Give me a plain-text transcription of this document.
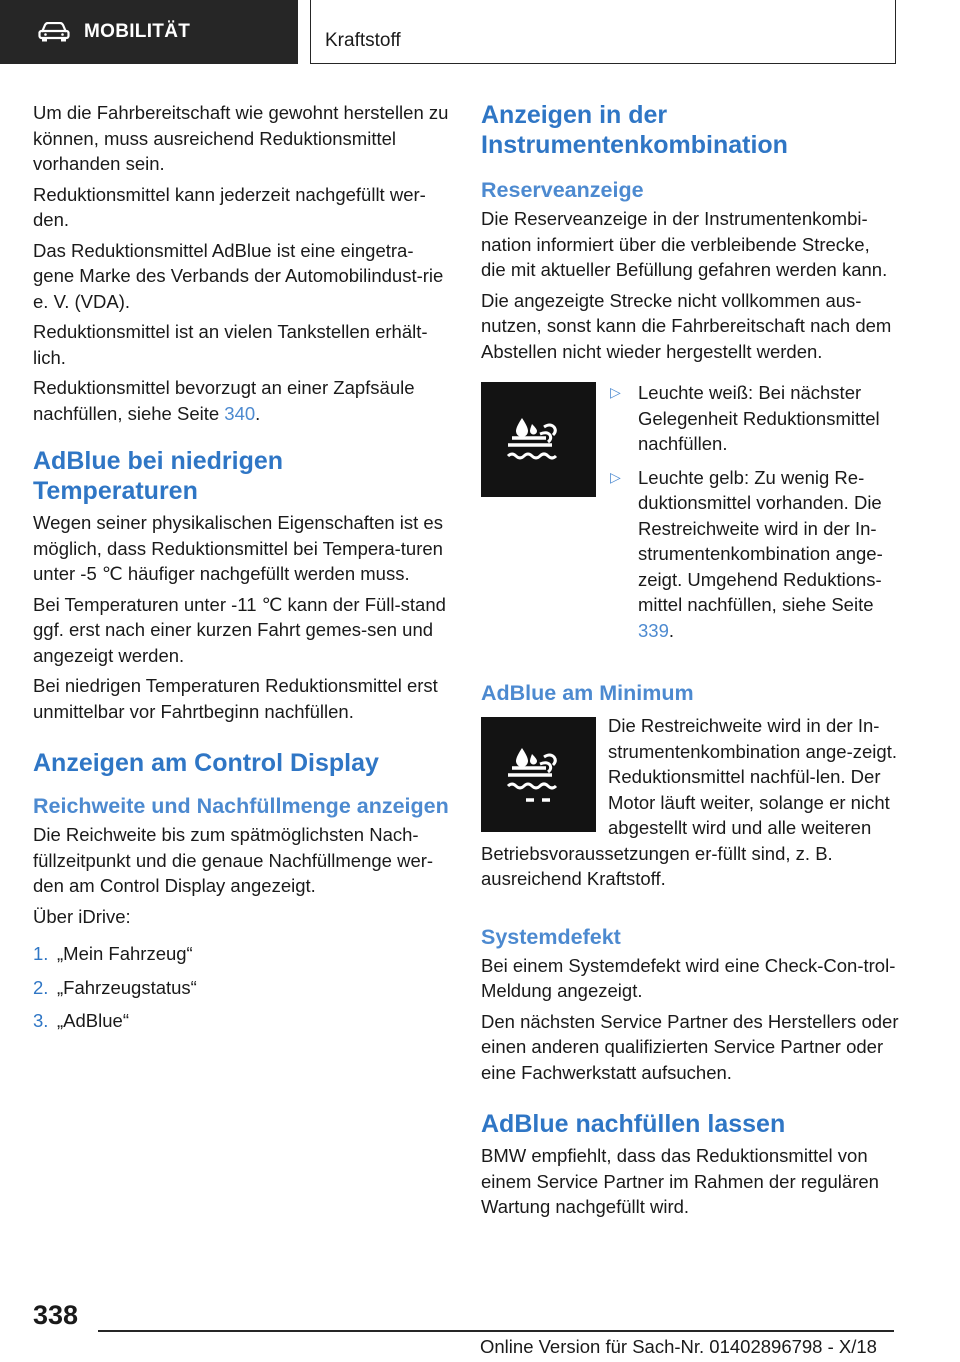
MOBILITÄT	Kraftstoff

Um die Fahrbereitschaft wie gewohnt herstellen zu können, muss ausreichend Reduktionsmittel vorhanden sein.

Reduktionsmittel kann jederzeit nachgefüllt wer‐den.

Das Reduktionsmittel AdBlue ist eine eingetra‐gene Marke des Verbands der Automobilindust‐rie e. V. (VDA).

Reduktionsmittel ist an vielen Tankstellen erhält‐lich.

Reduktionsmittel bevorzugt an einer Zapfsäule nachfüllen, siehe Seite 340.

AdBlue bei niedrigen Temperaturen

Wegen seiner physikalischen Eigenschaften ist es möglich, dass Reduktionsmittel bei Tempera‐turen unter -5 ℃ häufiger nachgefüllt werden muss.

Bei Temperaturen unter -11 ℃ kann der Füll‐stand ggf. erst nach einer kurzen Fahrt gemes‐sen und angezeigt werden.

Bei niedrigen Temperaturen Reduktionsmittel erst unmittelbar vor Fahrtbeginn nachfüllen.

Anzeigen am Control Display
Reichweite und Nachfüllmenge anzeigen

Die Reichweite bis zum spätmöglichsten Nach‐füllzeitpunkt und die genaue Nachfüllmenge wer‐den am Control Display angezeigt.

Über iDrive:

1. „Mein Fahrzeug“
2. „Fahrzeugstatus“
3. „AdBlue“
Anzeigen in der Instrumentenkombination
Reserveanzeige

Die Reserveanzeige in der Instrumentenkombi‐nation informiert über die verbleibende Strecke, die mit aktueller Befüllung gefahren werden kann.

Die angezeigte Strecke nicht vollkommen aus‐nutzen, sonst kann die Fahrbereitschaft nach dem Abstellen nicht wieder hergestellt werden.

▷ Leuchte weiß: Bei nächster Gelegenheit Reduktionsmittel nachfüllen.
▷ Leuchte gelb: Zu wenig Re‐duktionsmittel vorhanden. Die Restreichweite wird in der In‐strumentenkombination ange‐zeigt. Umgehend Reduktions‐mittel nachfüllen, siehe Seite 339.
AdBlue am Minimum

Die Restreichweite wird in der In‐strumentenkombination ange‐zeigt. Reduktionsmittel nachfül‐len. Der Motor läuft weiter, solange er nicht abgestellt wird und alle weiteren Betriebsvoraussetzungen er‐füllt sind, z. B. ausreichend Kraftstoff.

Systemdefekt

Bei einem Systemdefekt wird eine Check-Con‐trol-Meldung angezeigt.

Den nächsten Service Partner des Herstellers oder einen anderen qualifizierten Service Partner oder eine Fachwerkstatt aufsuchen.

AdBlue nachfüllen lassen

BMW empfiehlt, dass das Reduktionsmittel von einem Service Partner im Rahmen der regulären Wartung nachgefüllt wird.

338
Online Version für Sach-Nr. 01402896798 - X/18
